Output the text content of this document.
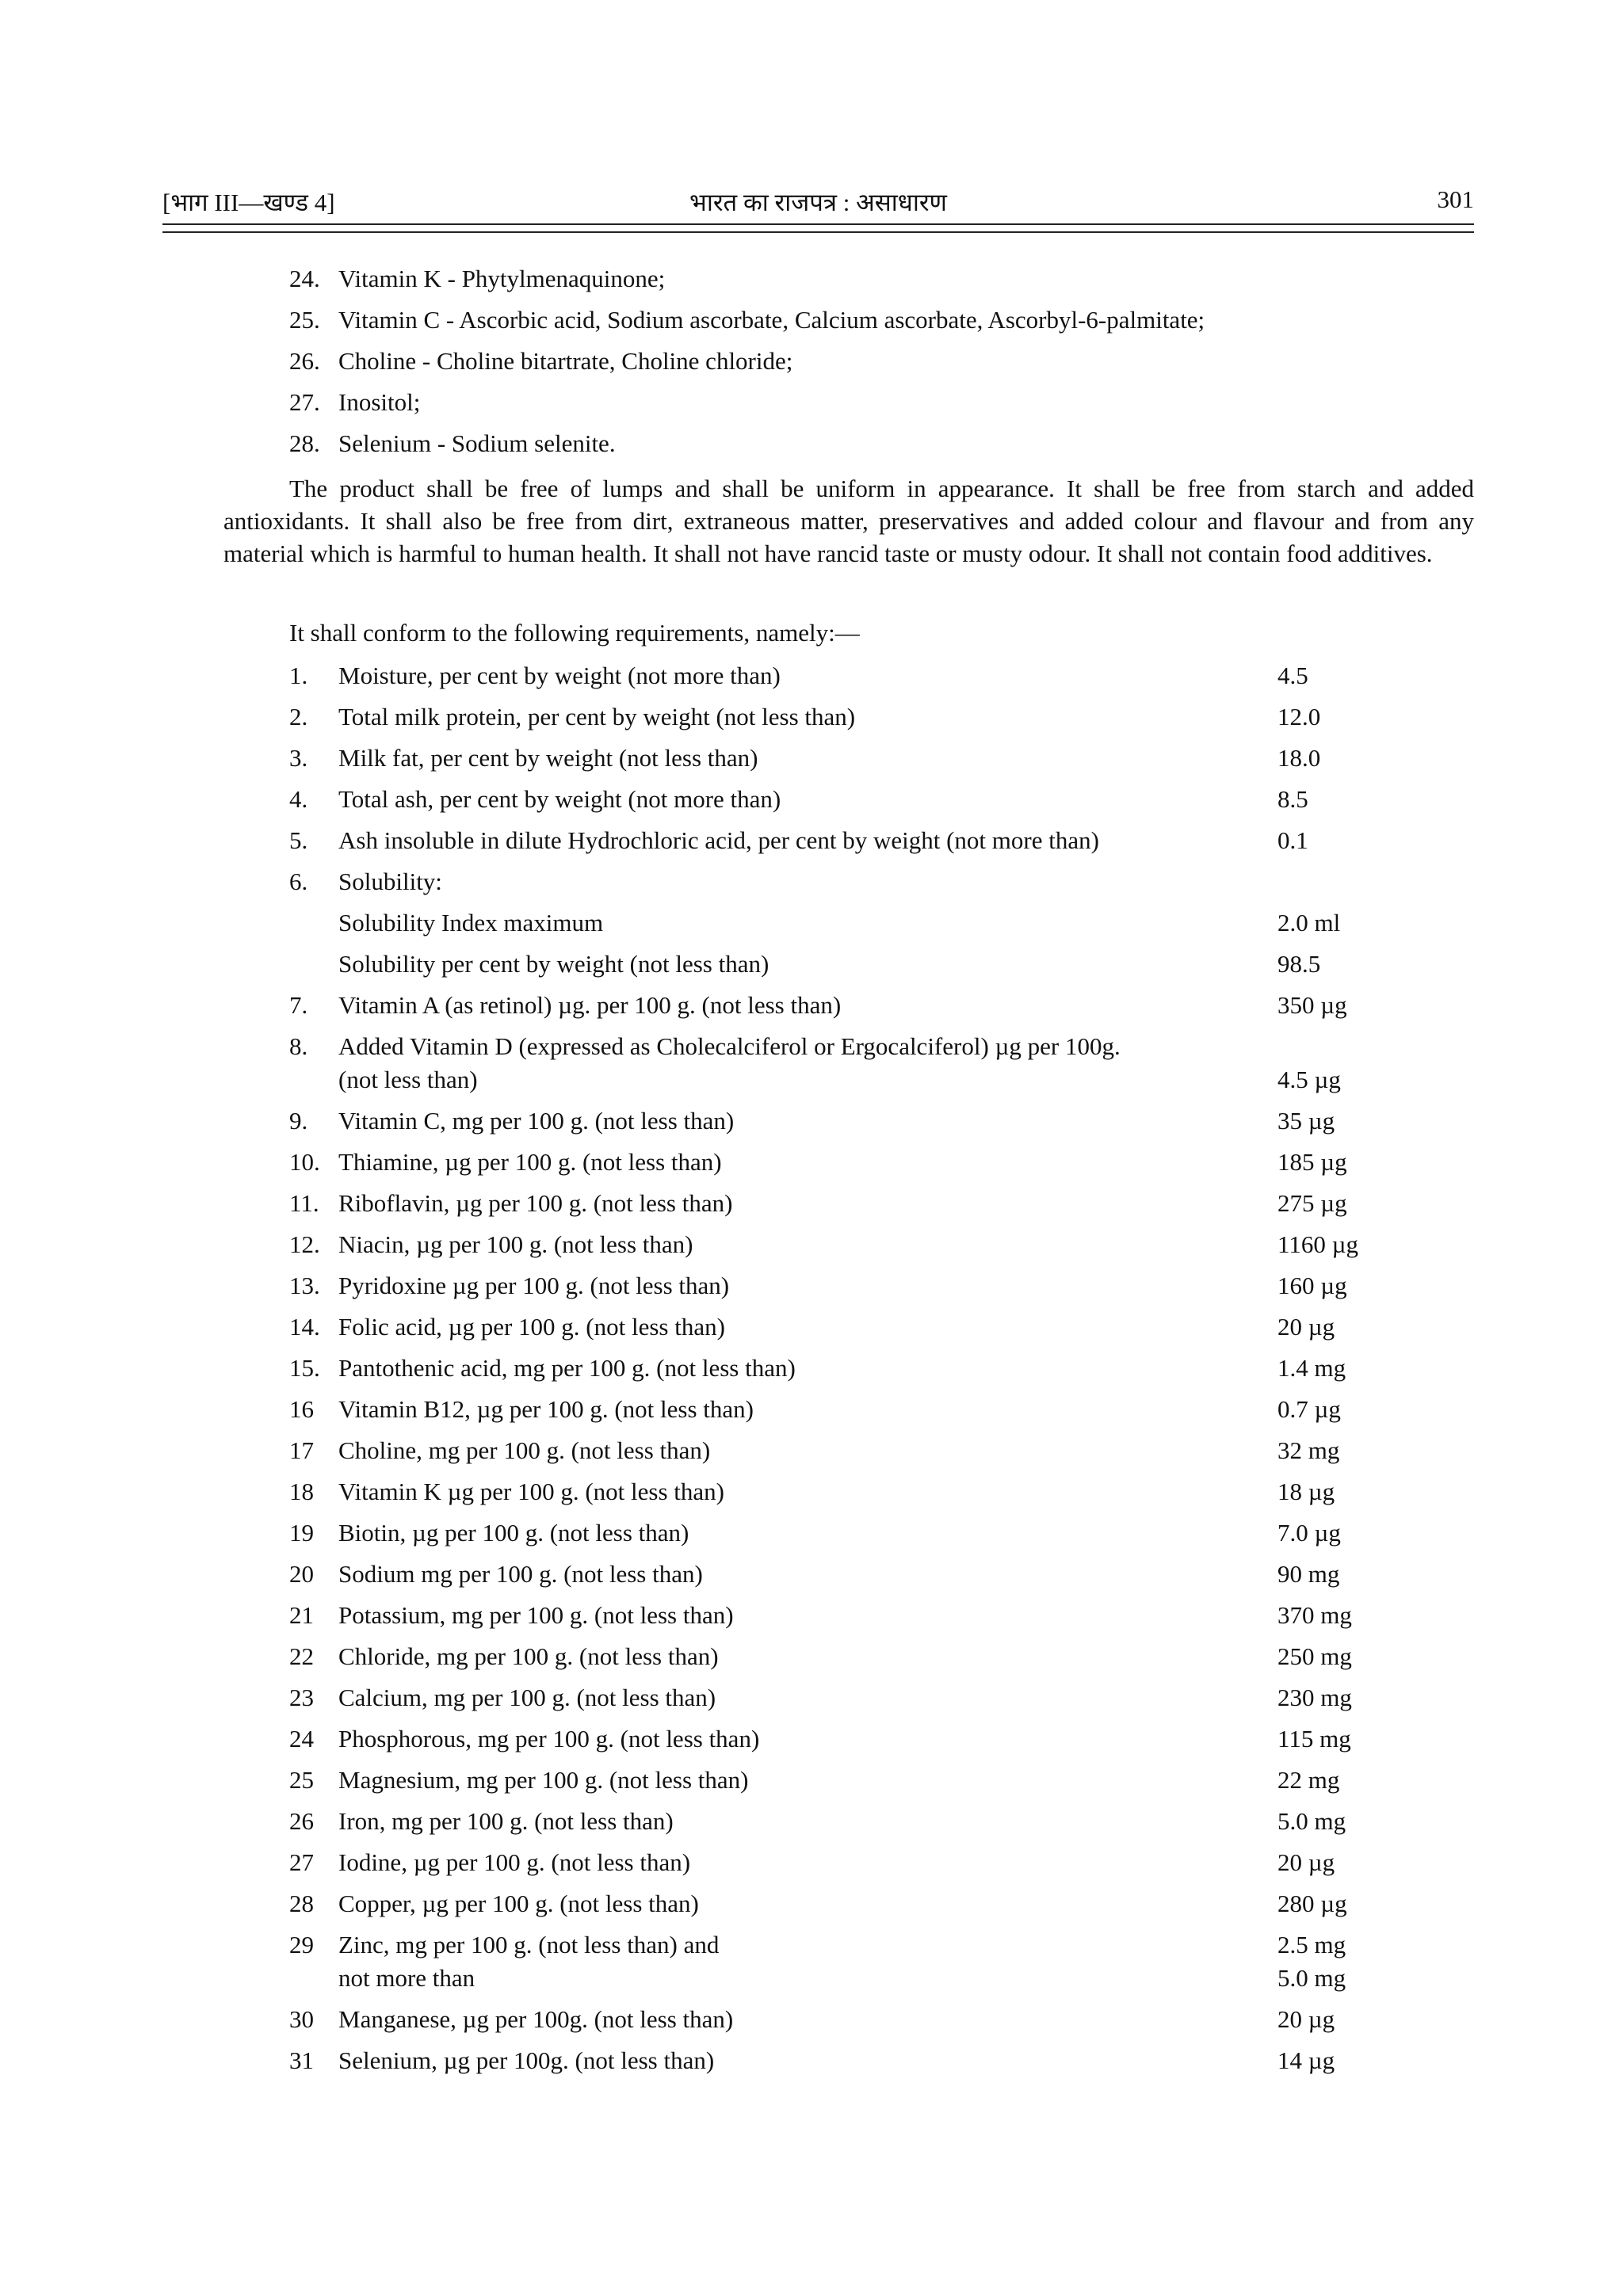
[भाग III—खण्ड 4]	भारत का राजपत्र : असाधारण	301
24. Vitamin K - Phytylmenaquinone;
25. Vitamin C - Ascorbic acid, Sodium ascorbate, Calcium ascorbate, Ascorbyl-6-palmitate;
26. Choline - Choline bitartrate, Choline chloride;
27. Inositol;
28. Selenium - Sodium selenite.
The product shall be free of lumps and shall be uniform in appearance. It shall be free from starch and added antioxidants. It shall also be free from dirt, extraneous matter, preservatives and added colour and flavour and from any material which is harmful to human health. It shall not have rancid taste or musty odour. It shall not contain food additives.
It shall conform to the following requirements, namely:—
1. Moisture, per cent by weight (not more than)	4.5
2. Total milk protein, per cent by weight (not less than)	12.0
3. Milk fat, per cent by weight (not less than)	18.0
4. Total ash, per cent by weight (not more than)	8.5
5. Ash insoluble in dilute Hydrochloric acid, per cent by weight (not more than)	0.1
6. Solubility:
Solubility Index maximum	2.0 ml
Solubility per cent by weight (not less than)	98.5
7. Vitamin A (as retinol) µg. per 100 g. (not less than)	350 µg
8. Added Vitamin D (expressed as Cholecalciferol or Ergocalciferol) µg per 100g.
(not less than)	4.5 µg
9. Vitamin C, mg per 100 g. (not less than)	35 µg
10. Thiamine, µg per 100 g. (not less than)	185 µg
11. Riboflavin, µg per 100 g. (not less than)	275 µg
12. Niacin, µg per 100 g. (not less than)	1160 µg
13. Pyridoxine µg per 100 g. (not less than)	160 µg
14. Folic acid, µg per 100 g. (not less than)	20 µg
15. Pantothenic acid, mg per 100 g. (not less than)	1.4 mg
16 Vitamin B12, µg per 100 g. (not less than)	0.7 µg
17 Choline, mg per 100 g. (not less than)	32 mg
18 Vitamin K µg per 100 g. (not less than)	18 µg
19 Biotin, µg per 100 g. (not less than)	7.0 µg
20 Sodium mg per 100 g. (not less than)	90 mg
21 Potassium, mg per 100 g. (not less than)	370 mg
22 Chloride, mg per 100 g. (not less than)	250 mg
23 Calcium, mg per 100 g. (not less than)	230 mg
24 Phosphorous, mg per 100 g. (not less than)	115 mg
25 Magnesium, mg per 100 g. (not less than)	22 mg
26 Iron, mg per 100 g. (not less than)	5.0 mg
27 Iodine, µg per 100 g. (not less than)	20 µg
28 Copper, µg per 100 g. (not less than)	280 µg
29 Zinc, mg per 100 g. (not less than) and	2.5 mg
not more than	5.0 mg
30 Manganese, µg per 100g. (not less than)	20 µg
31 Selenium, µg per 100g. (not less than)	14 µg
